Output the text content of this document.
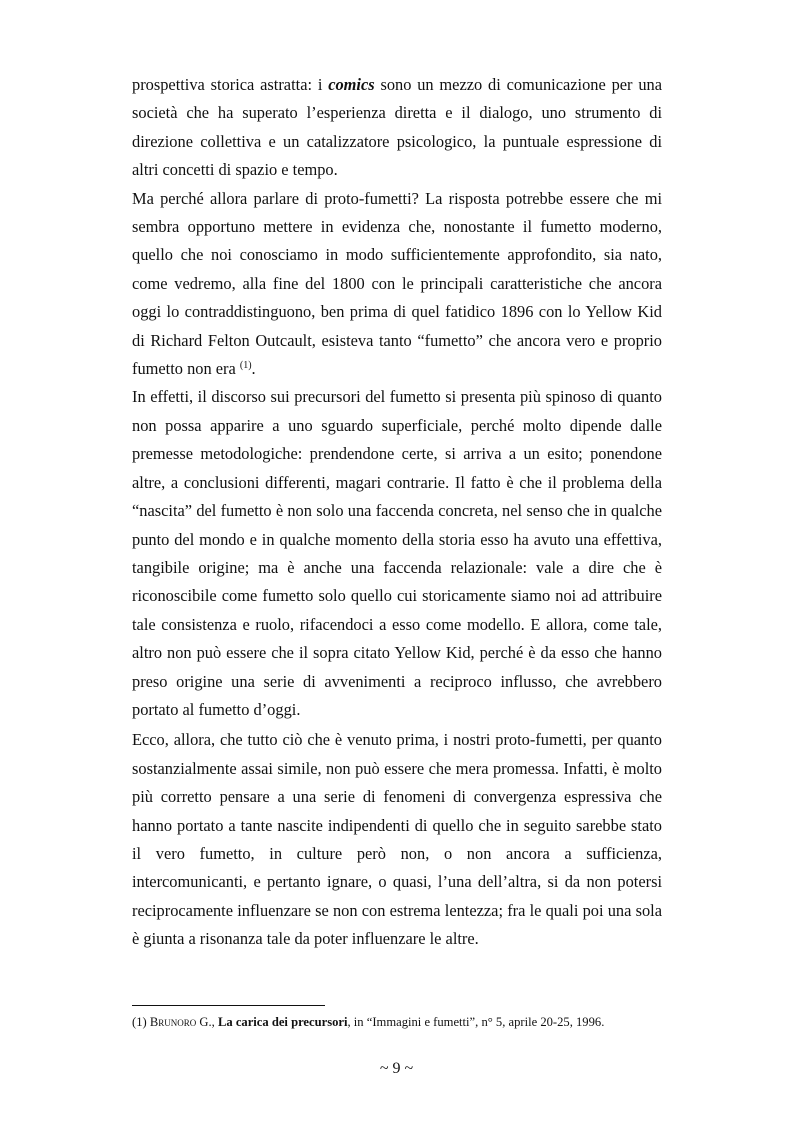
prospettiva storica astratta: i comics sono un mezzo di comunicazione per una società che ha superato l’esperienza diretta e il dialogo, uno strumento di direzione collettiva e un catalizzatore psicologico, la puntuale espressione di altri concetti di spazio e tempo.

Ma perché allora parlare di proto-fumetti? La risposta potrebbe essere che mi sembra opportuno mettere in evidenza che, nonostante il fumetto moderno, quello che noi conosciamo in modo sufficientemente approfondito, sia nato, come vedremo, alla fine del 1800 con le principali caratteristiche che ancora oggi lo contraddistinguono, ben prima di quel fatidico 1896 con lo Yellow Kid di Richard Felton Outcault, esisteva tanto “fumetto” che ancora vero e proprio fumetto non era $^{(1)}$.

In effetti, il discorso sui precursori del fumetto si presenta più spinoso di quanto non possa apparire a uno sguardo superficiale, perché molto dipende dalle premesse metodologiche: prendendone certe, si arriva a un esito; ponendone altre, a conclusioni differenti, magari contrarie. Il fatto è che il problema della “nascita” del fumetto è non solo una faccenda concreta, nel senso che in qualche punto del mondo e in qualche momento della storia esso ha avuto una effettiva, tangibile origine; ma è anche una faccenda relazionale: vale a dire che è riconoscibile come fumetto solo quello cui storicamente siamo noi ad attribuire tale consistenza e ruolo, rifacendoci a esso come modello. E allora, come tale, altro non può essere che il sopra citato Yellow Kid, perché è da esso che hanno preso origine una serie di avvenimenti a reciproco influsso, che avrebbero portato al fumetto d’oggi.

Ecco, allora, che tutto ciò che è venuto prima, i nostri proto-fumetti, per quanto sostanzialmente assai simile, non può essere che mera promessa. Infatti, è molto più corretto pensare a una serie di fenomeni di convergenza espressiva che hanno portato a tante nascite indipendenti di quello che in seguito sarebbe stato il vero fumetto, in culture però non, o non ancora a sufficienza, intercomunicanti, e pertanto ignare, o quasi, l’una dell’altra, si da non potersi reciprocamente influenzare se non con estrema lentezza; fra le quali poi una sola è giunta a risonanza tale da poter influenzare le altre.

(1) Brunoro G., La carica dei precursori, in “Immagini e fumetti”, n° 5, aprile 20-25, 1996.
~ 9 ~
